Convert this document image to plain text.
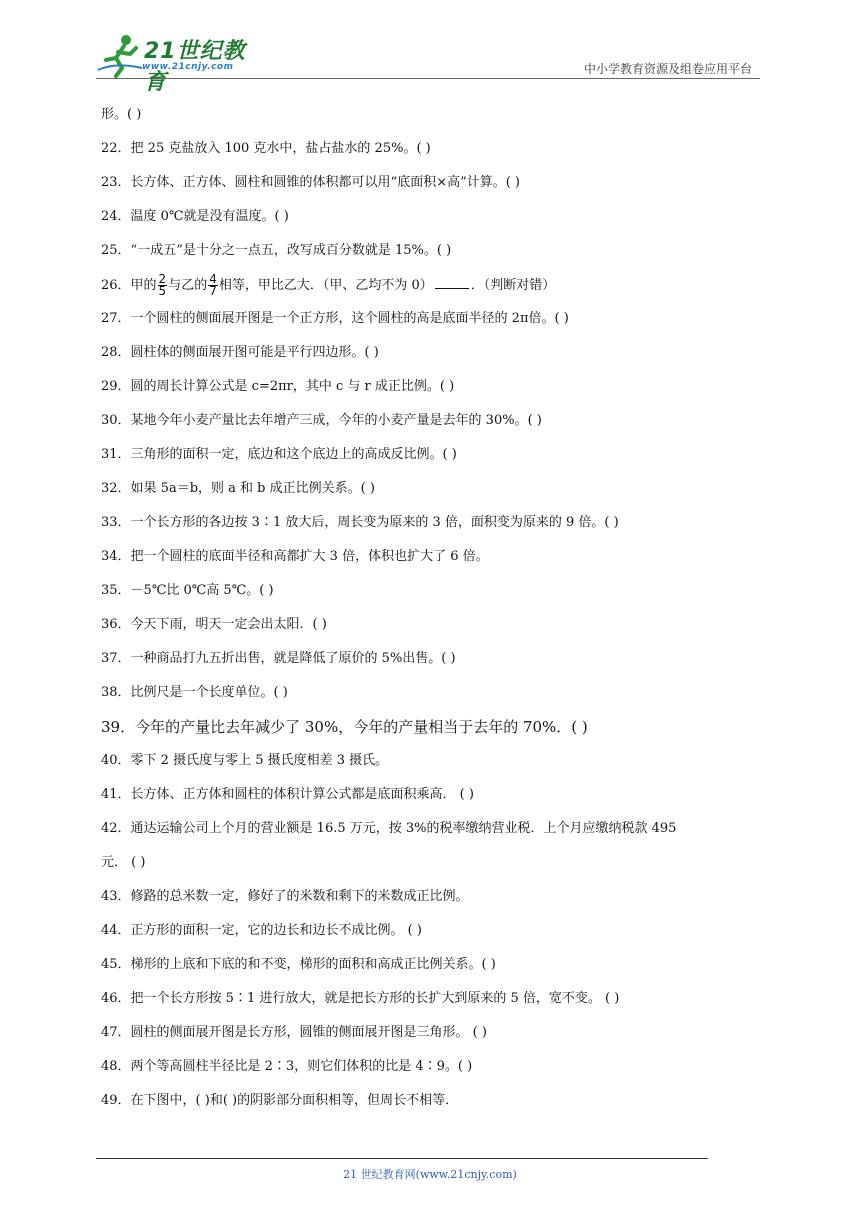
21世纪教育
www.21cnjy.com	中小学教育资源及组卷应用平台
形。( )
22．把 25 克盐放入 100 克水中，盐占盐水的 25%。( )
23．长方体、正方体、圆柱和圆锥的体积都可以用“底面积×高”计算。( )
24．温度 0℃就是没有温度。( )
25．“一成五”是十分之一点五，改写成百分数就是 15%。( )
26．甲的 $\frac{2}{5}$ 与乙的 $\frac{4}{7}$ 相等，甲比乙大．（甲、乙均不为 0）	．（判断对错）
27．一个圆柱的侧面展开图是一个正方形，这个圆柱的高是底面半径的 2π倍。( )
28．圆柱体的侧面展开图可能是平行四边形。( )
29．圆的周长计算公式是 c=2πr，其中 c 与 r 成正比例。( )
30．某地今年小麦产量比去年增产三成，今年的小麦产量是去年的 30%。( )
31．三角形的面积一定，底边和这个底边上的高成反比例。( )
32．如果 5a＝b，则 a 和 b 成正比例关系。( )
33．一个长方形的各边按 3∶1 放大后，周长变为原来的 3 倍，面积变为原来的 9 倍。( )
34．把一个圆柱的底面半径和高都扩大 3 倍，体积也扩大了 6 倍。
35．－5℃比 0℃高 5℃。( )
36．今天下雨，明天一定会出太阳．( )
37．一种商品打九五折出售，就是降低了原价的 5%出售。( )
38．比例尺是一个长度单位。( )
39．今年的产量比去年减少了 30%，今年的产量相当于去年的 70%．( )
40．零下 2 摄氏度与零上 5 摄氏度相差 3 摄氏。
41．长方体、正方体和圆柱的体积计算公式都是底面积乘高． ( )
42．通达运输公司上个月的营业额是 16.5 万元，按 3%的税率缴纳营业税．上个月应缴纳税款 495
元． ( )
43．修路的总米数一定，修好了的米数和剩下的米数成正比例。
44．正方形的面积一定，它的边长和边长不成比例。 ( )
45．梯形的上底和下底的和不变，梯形的面积和高成正比例关系。( )
46．把一个长方形按 5∶1 进行放大，就是把长方形的长扩大到原来的 5 倍，宽不变。 ( )
47．圆柱的侧面展开图是长方形，圆锥的侧面展开图是三角形。 ( )
48．两个等高圆柱半径比是 2∶3，则它们体积的比是 4∶9。( )
49．在下图中，( )和( )的阴影部分面积相等，但周长不相等．
21 世纪教育网(www.21cnjy.com)
